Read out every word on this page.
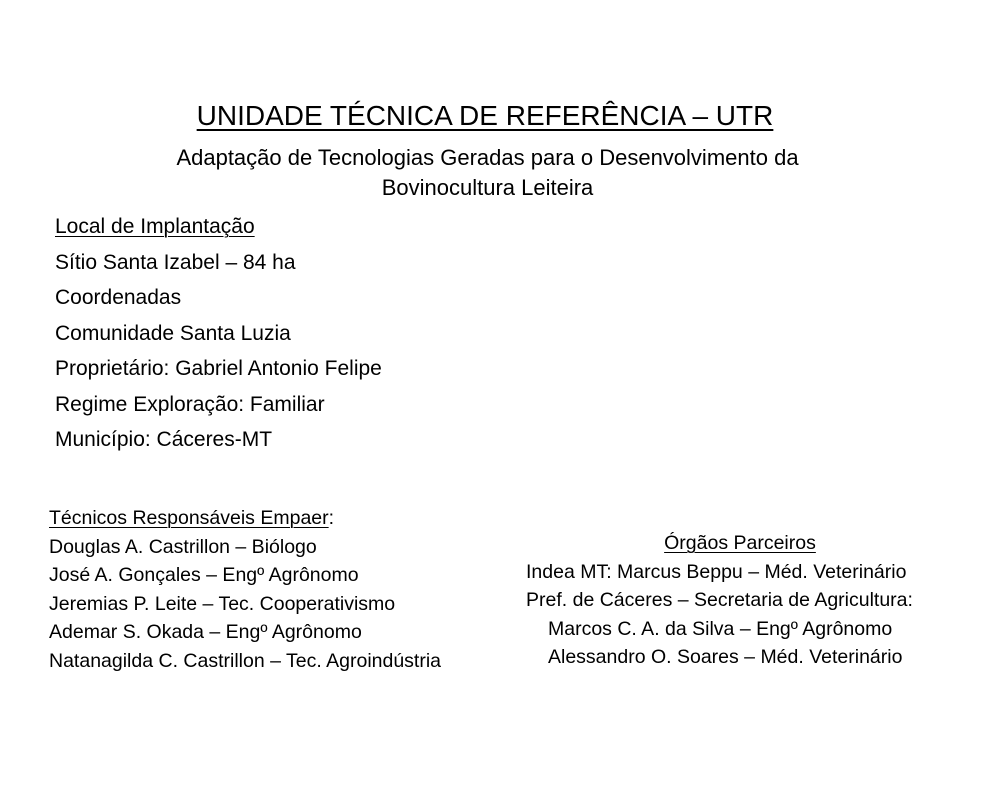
UNIDADE TÉCNICA DE REFERÊNCIA – UTR
Adaptação de Tecnologias Geradas para o Desenvolvimento da
Bovinocultura Leiteira
Local de Implantação
Sítio Santa Izabel – 84 ha
Coordenadas
Comunidade Santa Luzia
Proprietário: Gabriel Antonio Felipe
Regime Exploração: Familiar
Município: Cáceres-MT
Técnicos Responsáveis Empaer:
Douglas A. Castrillon – Biólogo
José A. Gonçales – Engº Agrônomo
Jeremias P. Leite – Tec. Cooperativismo
Ademar S. Okada – Engº Agrônomo
Natanagilda C. Castrillon – Tec. Agroindústria
Órgãos Parceiros
Indea MT: Marcus Beppu – Méd. Veterinário
Pref. de Cáceres – Secretaria de Agricultura:
Marcos C. A. da Silva – Engº Agrônomo
Alessandro O. Soares – Méd. Veterinário
